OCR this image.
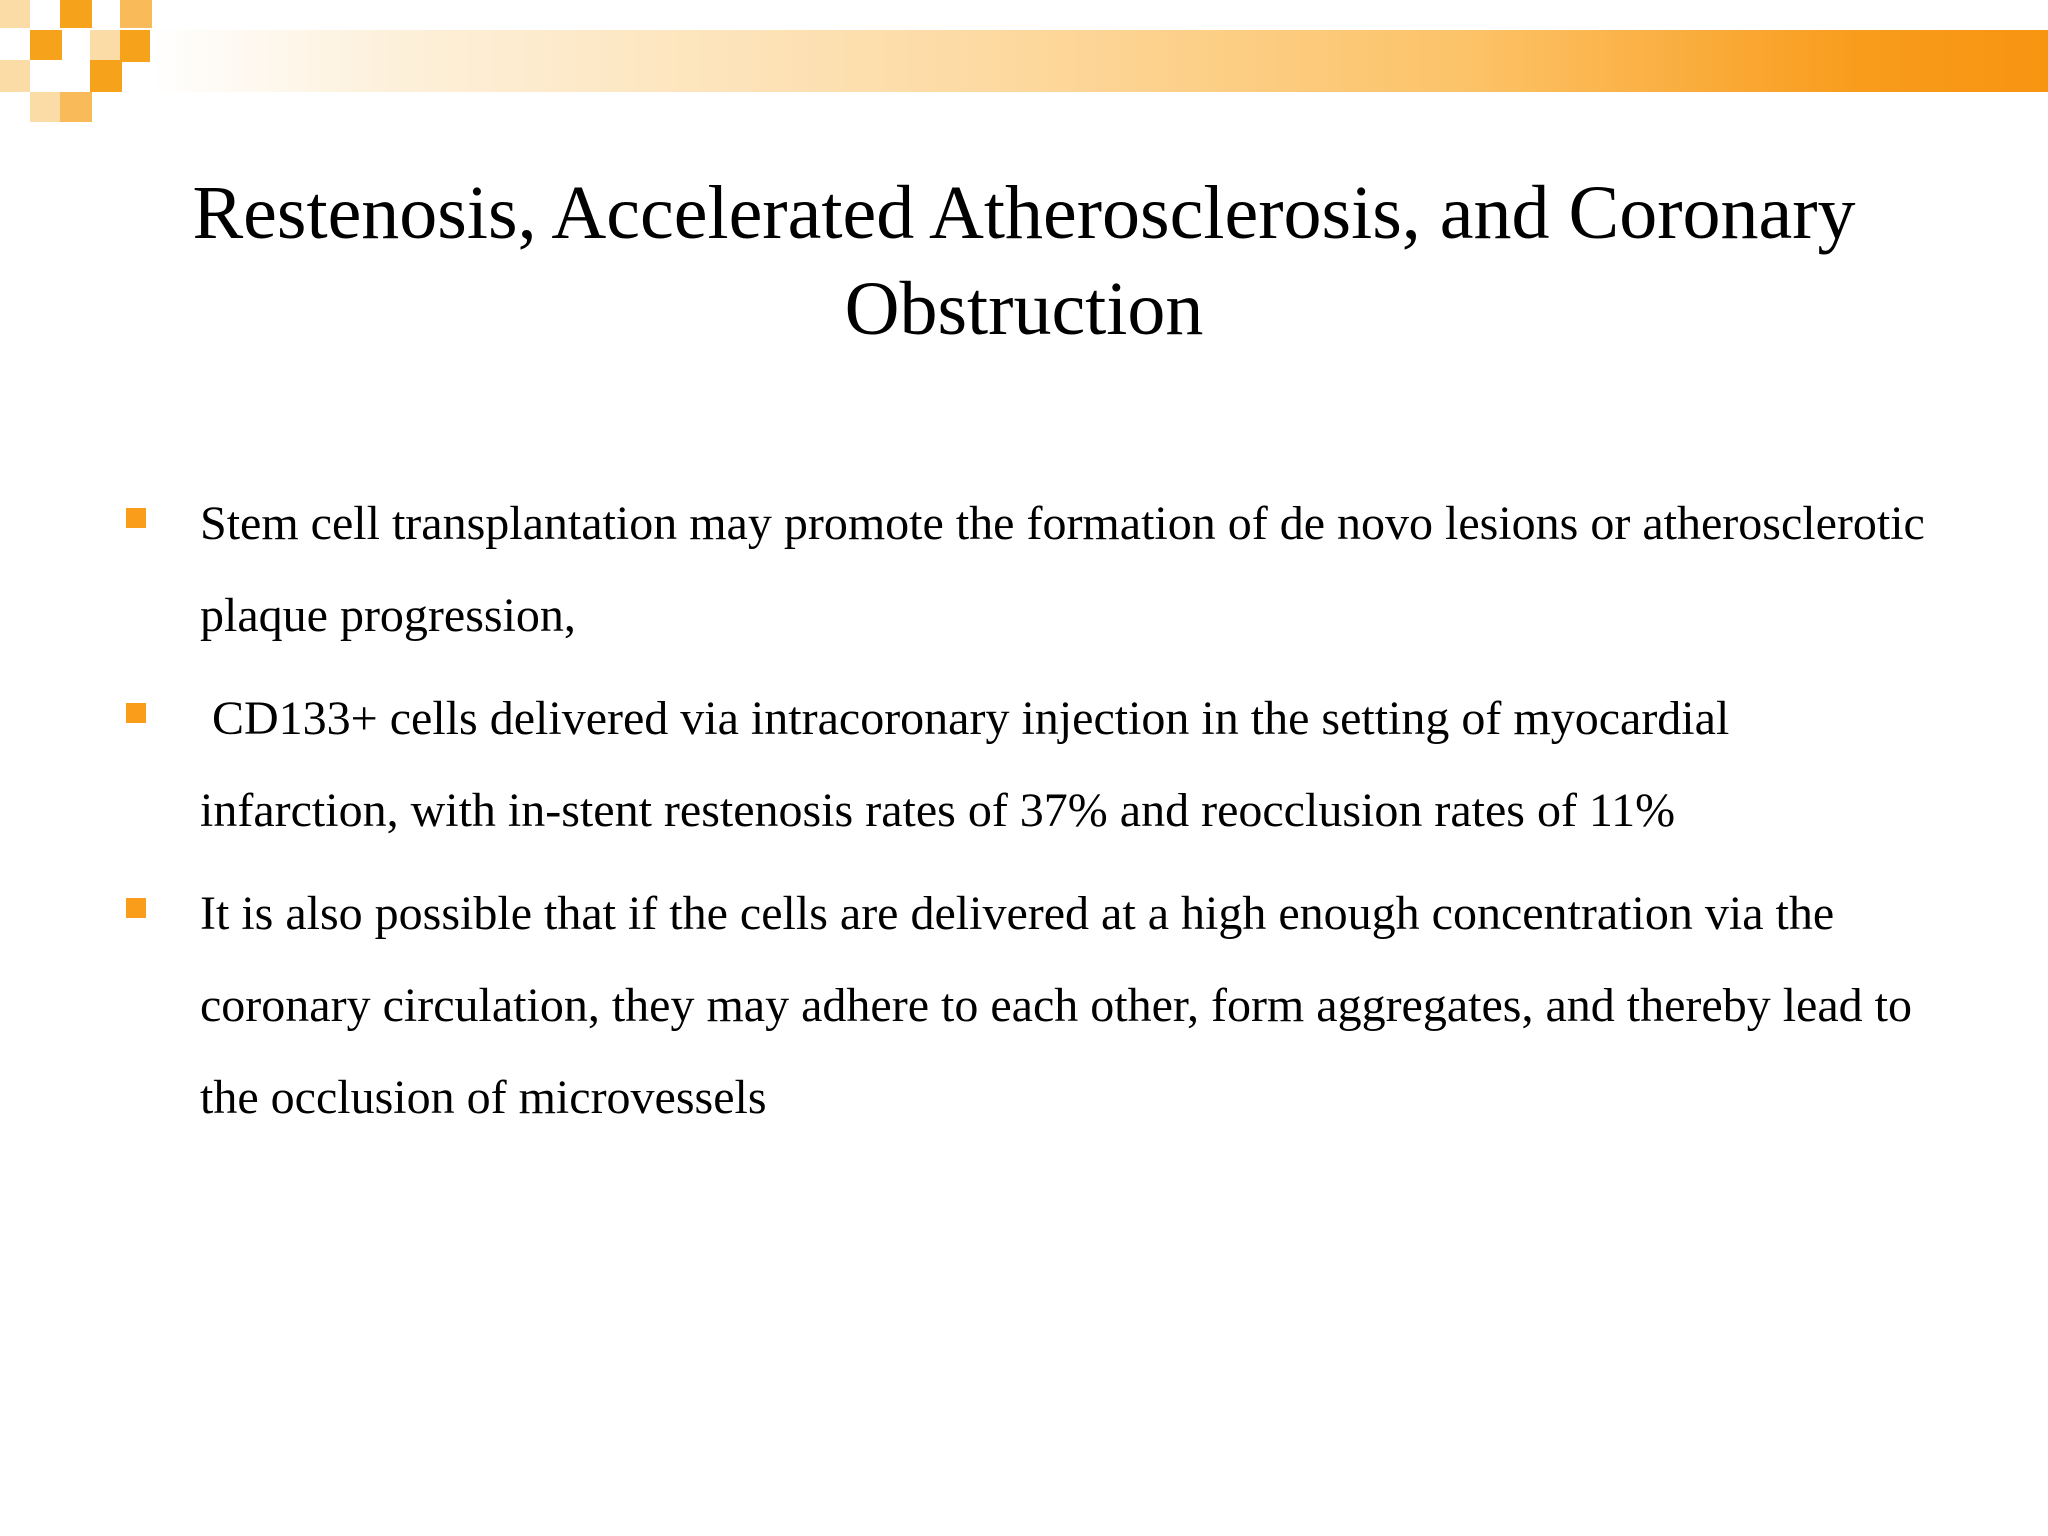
Restenosis, Accelerated Atherosclerosis, and Coronary Obstruction
Stem cell transplantation may promote the formation of de novo lesions or atherosclerotic plaque progression,
CD133+ cells delivered via intracoronary injection in the setting of myocardial infarction, with in-stent restenosis rates of 37% and reocclusion rates of 11%
It is also possible that if the cells are delivered at a high enough concentration via the coronary circulation, they may adhere to each other, form aggregates, and thereby lead to the occlusion of microvessels
